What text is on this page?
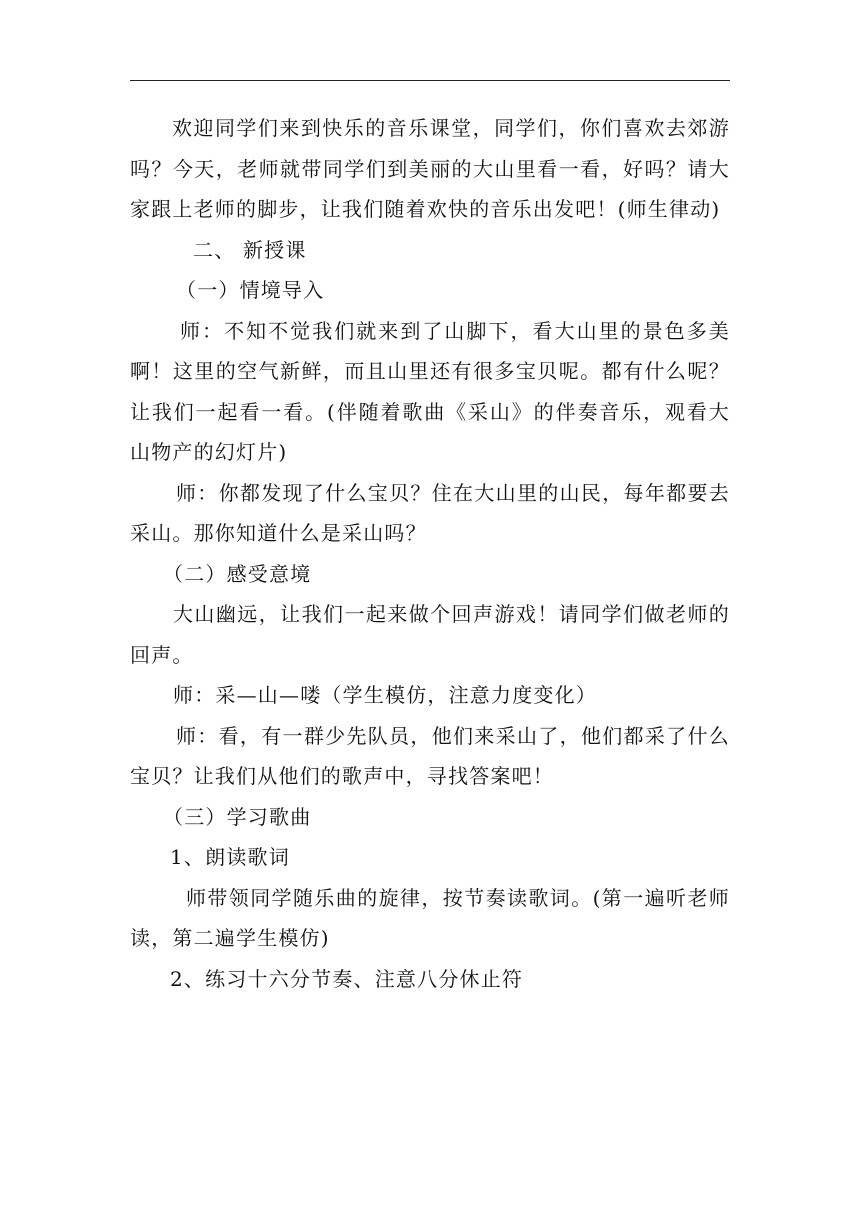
欢迎同学们来到快乐的音乐课堂，同学们，你们喜欢去郊游吗？今天，老师就带同学们到美丽的大山里看一看，好吗？请大家跟上老师的脚步，让我们随着欢快的音乐出发吧！(师生律动)

二、 新授课

（一）情境导入

师：不知不觉我们就来到了山脚下，看大山里的景色多美啊！这里的空气新鲜，而且山里还有很多宝贝呢。都有什么呢？让我们一起看一看。(伴随着歌曲《采山》的伴奏音乐，观看大山物产的幻灯片)

师：你都发现了什么宝贝？住在大山里的山民，每年都要去采山。那你知道什么是采山吗？

（二）感受意境

大山幽远，让我们一起来做个回声游戏！请同学们做老师的回声。

师：采—山—喽（学生模仿，注意力度变化）

师：看，有一群少先队员，他们来采山了，他们都采了什么宝贝？让我们从他们的歌声中，寻找答案吧！

（三）学习歌曲

1、朗读歌词

师带领同学随乐曲的旋律，按节奏读歌词。(第一遍听老师读，第二遍学生模仿)

2、练习十六分节奏、注意八分休止符
